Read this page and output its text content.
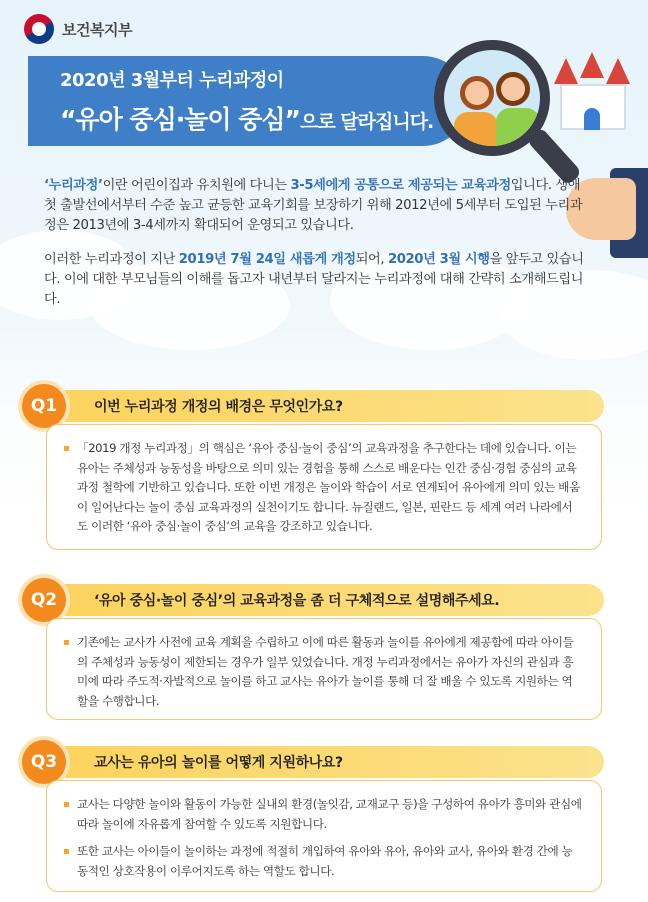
보건복지부
2020년 3월부터 누리과정이
“유아 중심·놀이 중심”으로 달라집니다.

‘누리과정’이란 어린이집과 유치원에 다니는 3-5세에게 공통으로 제공되는 교육과정입니다. 생애 첫 출발선에서부터 수준 높고 균등한 교육기회를 보장하기 위해 2012년에 5세부터 도입된 누리과정은 2013년에 3-4세까지 확대되어 운영되고 있습니다.

이러한 누리과정이 지난 2019년 7월 24일 새롭게 개정되어, 2020년 3월 시행을 앞두고 있습니다. 이에 대한 부모님들의 이해를 돕고자 내년부터 달라지는 누리과정에 대해 간략히 소개해드립니다.

이번 누리과정 개정의 배경은 무엇인가요?
Q1

▪ 「2019 개정 누리과정」의 핵심은 ‘유아 중심·놀이 중심’의 교육과정을 추구한다는 데에 있습니다. 이는 유아는 주체성과 능동성을 바탕으로 의미 있는 경험을 통해 스스로 배운다는 인간 중심·경험 중심의 교육과정 철학에 기반하고 있습니다. 또한 이번 개정은 놀이와 학습이 서로 연계되어 유아에게 의미 있는 배움이 일어난다는 놀이 중심 교육과정의 실천이기도 합니다. 뉴질랜드, 일본, 핀란드 등 세계 여러 나라에서도 이러한 ‘유아 중심·놀이 중심’의 교육을 강조하고 있습니다.

‘유아 중심·놀이 중심’의 교육과정을 좀 더 구체적으로 설명해주세요.
Q2

▪ 기존에는 교사가 사전에 교육 계획을 수립하고 이에 따른 활동과 놀이를 유아에게 제공함에 따라 아이들의 주체성과 능동성이 제한되는 경우가 일부 있었습니다. 개정 누리과정에서는 유아가 자신의 관심과 흥미에 따라 주도적·자발적으로 놀이를 하고 교사는 유아가 놀이를 통해 더 잘 배울 수 있도록 지원하는 역할을 수행합니다.

교사는 유아의 놀이를 어떻게 지원하나요?
Q3

▪ 교사는 다양한 놀이와 활동이 가능한 실내외 환경(놀잇감, 교재교구 등)을 구성하여 유아가 흥미와 관심에 따라 놀이에 자유롭게 참여할 수 있도록 지원합니다.

▪ 또한 교사는 아이들이 놀이하는 과정에 적절히 개입하여 유아와 유아, 유아와 교사, 유아와 환경 간에 능동적인 상호작용이 이루어지도록 하는 역할도 합니다.
